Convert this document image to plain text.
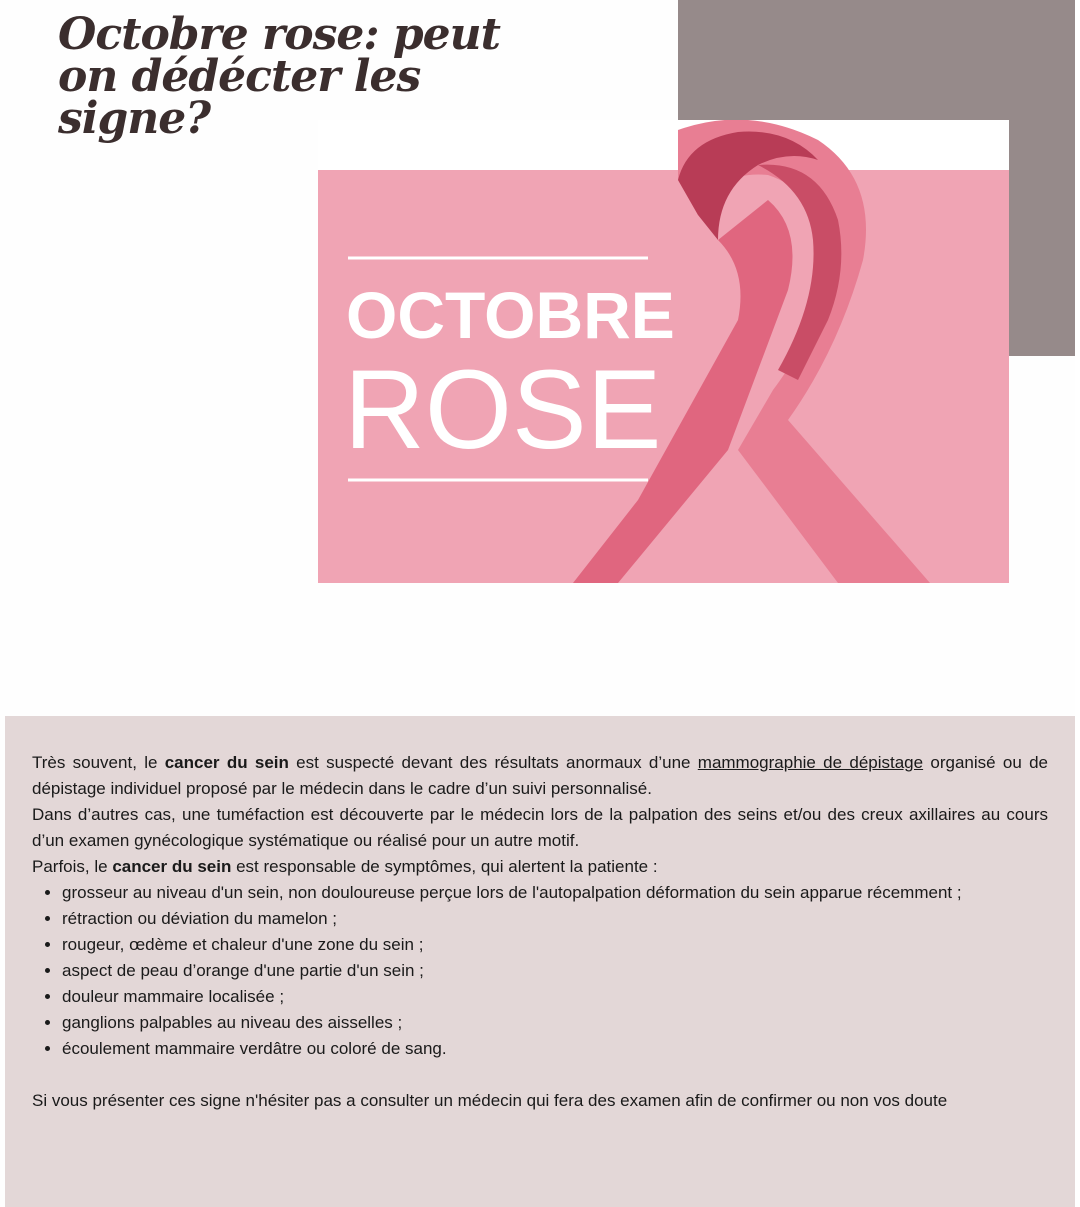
Octobre rose: peut on dédécter les signe?
OCTOBRE
ROSE

Très souvent, le cancer du sein est suspecté devant des résultats anormaux d’une mammographie de dépistage organisé ou de dépistage individuel proposé par le médecin dans le cadre d’un suivi personnalisé.

Dans d’autres cas, une tuméfaction est découverte par le médecin lors de la palpation des seins et/ou des creux axillaires au cours d’un examen gynécologique systématique ou réalisé pour un autre motif.

Parfois, le cancer du sein est responsable de symptômes, qui alertent la patiente :

• grosseur au niveau d'un sein, non douloureuse perçue lors de l'autopalpation déformation du sein apparue récemment ;
• rétraction ou déviation du mamelon ;
• rougeur, œdème et chaleur d'une zone du sein ;
• aspect de peau d’orange d'une partie d'un sein ;
• douleur mammaire localisée ;
• ganglions palpables au niveau des aisselles ;
• écoulement mammaire verdâtre ou coloré de sang.

Si vous présenter ces signe n'hésiter pas a consulter un médecin qui fera des examen afin de confirmer ou non vos doute
